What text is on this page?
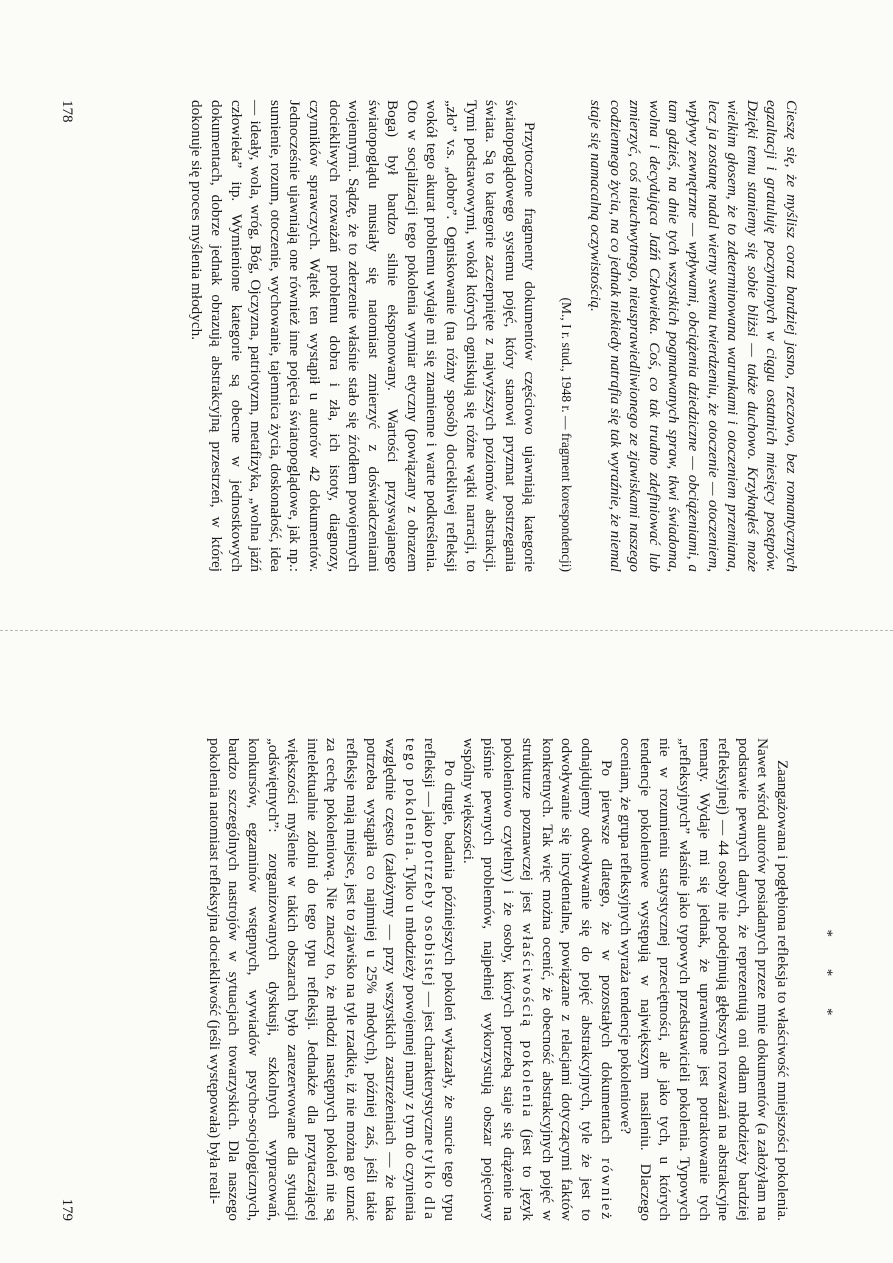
Cieszę się, że myślisz coraz bardziej jasno, rzeczowo, bez romantycznych egzaltacji i gratuluję poczynionych w ciągu ostatnich miesięcy postępów. Dzięki temu staniemy się sobie bliżsi — także duchowo. Krzyknąłeś może wielkim głosem, że to zdeterminowana warunkami i otoczeniem przemiana, lecz ja zostanę nadal wierny swemu twierdzeniu, że otoczenie — otoczeniem, wpływy zewnętrzne — wpływami, obciążenia dziedziczne — obciążeniami, a tam gdzieś, na dnie tych wszystkich pogmatwanych spraw, tkwi świadoma, wolna i decydująca Jaźń Człowieka. Coś, co tak trudno zdefiniować lub zmierzyć, coś nieuchwytnego, nieusprawiedliwionego ze zjawiskami naszego codziennego życia, na co jednak niekiedy natrafia się tak wyraźnie, że niemal staje się namacalną oczywistością.

(M., I r. stud., 1948 r. — fragment korespondencji)

Przytoczone fragmenty dokumentów częściowo ujawniają kategorie światopoglądowego systemu pojęć, który stanowi pryzmat postrzegania świata. Są to kategorie zaczerpnięte z najwyższych poziomów abstrakcji. Tymi podstawowymi, wokół których ogniskują się różne wątki narracji, to „zło” v.s. „dobro”. Ogniskowanie (na różny sposób) dociekliwej refleksji wokół tego akurat problemu wydaje mi się znamienne i warte podkreślenia. Oto w socjalizacji tego pokolenia wymiar etyczny (powiązany z obrazem Boga) był bardzo silnie eksponowany. Wartości przyswajanego światopoglądu musiały się natomiast zmierzyć z doświadczeniami wojennymi. Sądzę, że to zderzenie właśnie stało się źródłem powojennych dociekliwych rozważań problemu dobra i zła, ich istoty, diagnozy, czynników sprawczych. Wątek ten wystąpił u autorów 42 dokumentów. Jednocześnie ujawniają one również inne pojęcia światopoglądowe, jak np.: sumienie, rozum, otoczenie, wychowanie, tajemnica życia, doskonałość, idea — ideały, wola, wróg, Bóg, Ojczyzna, patriotyzm, metafizyka, „wolna jaźń człowieka” itp. Wymienione kategorie są obecne w jednostkowych dokumentach, dobrze jednak obrazują abstrakcyjną przestrzeń, w której dokonuje się proces myślenia młodych.

178
* * *

Zaangażowana i pogłębiona refleksja to właściwość mniejszości pokolenia. Nawet wśród autorów posiadanych przeze mnie dokumentów (a założyłam na podstawie pewnych danych, że reprezentują oni odłam młodzieży bardziej refleksyjnej) — 44 osoby nie podejmują głębszych rozważań na abstrakcyjne tematy. Wydaje mi się jednak, że uprawnione jest potraktowanie tych „refleksyjnych” właśnie jako typowych przedstawicieli pokolenia. Typowych nie w rozumieniu statystycznej przeciętności, ale jako tych, u których tendencje pokoleniowe występują w największym nasileniu. Dlaczego oceniam, że grupa refleksyjnych wyraża tendencje pokoleniowe?

Po pierwsze dlatego, że w pozostałych dokumentach również odnajdujemy odwoływanie się do pojęć abstrakcyjnych, tyle że jest to odwoływanie się incydentalne, powiązane z relacjami dotyczącymi faktów konkretnych. Tak więc można ocenić, że obecność abstrakcyjnych pojęć w strukturze poznawczej jest właściwością pokolenia (jest to język pokoleniowo czytelny) i że osoby, których potrzebą staje się drążenie na piśmie pewnych problemów, najpełniej wykorzystują obszar pojęciowy wspólny większości.

Po drugie, badania późniejszych pokoleń wykazały, że snucie tego typu refleksji — jako potrzeby osobistej — jest charakterystyczne tylko dla tego pokolenia. Tylko u młodzieży powojennej mamy z tym do czynienia względnie często (założymy — przy wszystkich zastrzeżeniach — że taka potrzeba wystąpiła co najmniej u 25% młodych), później zaś, jeśli takie refleksje mają miejsce, jest to zjawisko na tyle rzadkie, iż nie można go uznać za cechę pokoleniową. Nie znaczy to, że młodzi następnych pokoleń nie są intelektualnie zdolni do tego typu refleksji. Jednakże dla przytaczającej większości myślenie w takich obszarach było zarezerwowane dla sytuacji „odświętnych”: zorganizowanych dyskusji, szkolnych wypracowań, konkursów, egzaminów wstępnych, wywiadów psycho-socjologicznych, bardzo szczególnych nastrojów w sytuacjach towarzyskich. Dla naszego pokolenia natomiast refleksyjna dociekliwość (jeśli występowała) była reali-

179
